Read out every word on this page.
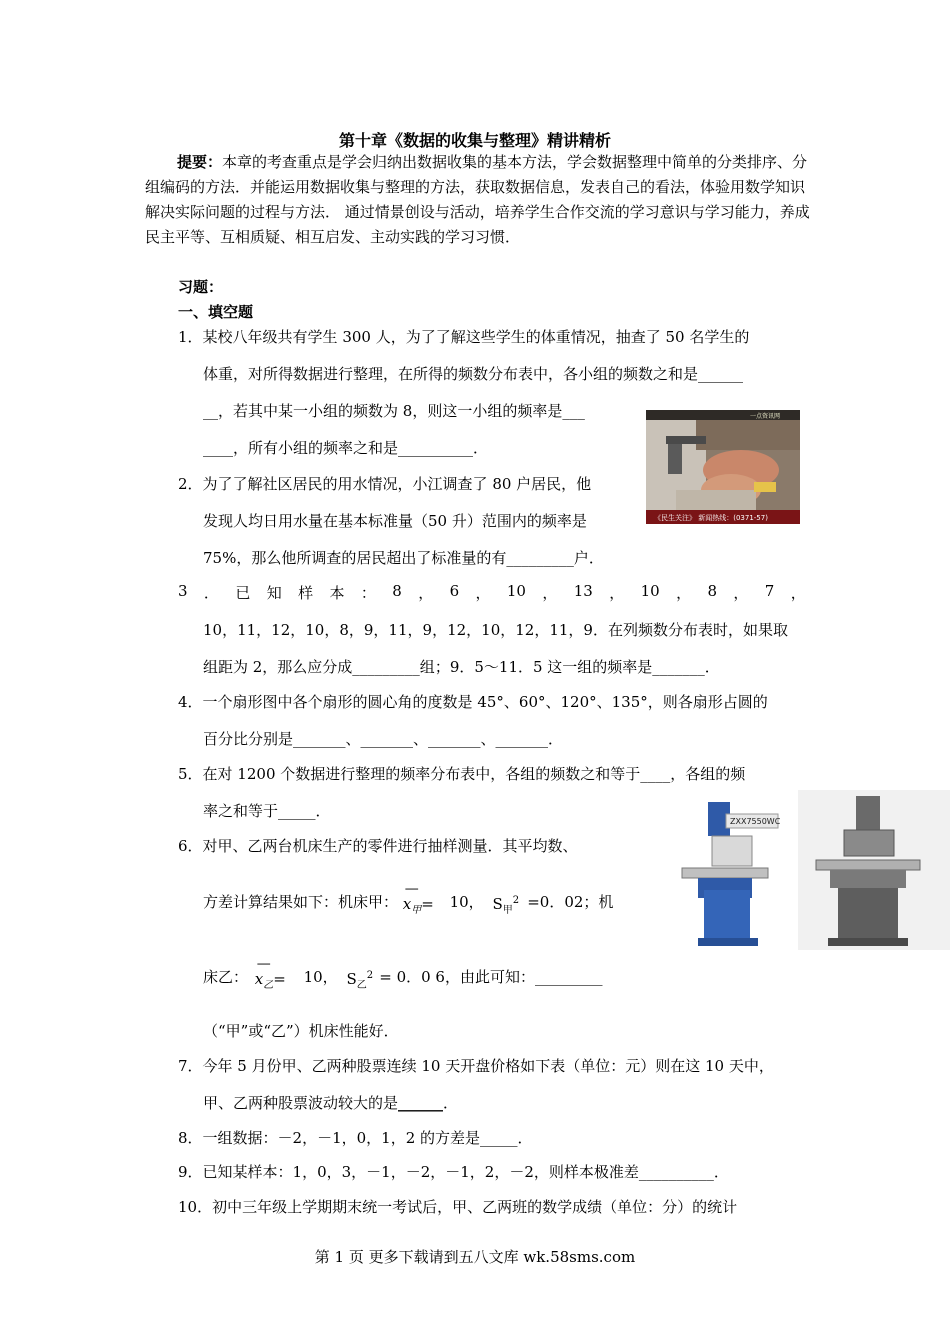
第十章《数据的收集与整理》精讲精析
提要：本章的考查重点是学会归纳出数据收集的基本方法，学会数据整理中简单的分类排序、分组编码的方法．并能运用数据收集与整理的方法，获取数据信息，发表自己的看法，体验用数学知识解决实际问题的过程与方法． 通过情景创设与活动，培养学生合作交流的学习意识与学习能力，养成民主平等、互相质疑、相互启发、主动实践的学习习惯．
习题：
一、填空题
1．某校八年级共有学生 300 人，为了了解这些学生的体重情况，抽查了 50 名学生的
体重，对所得数据进行整理，在所得的频数分布表中，各小组的频数之和是______
__，若其中某一小组的频数为 8，则这一小组的频率是___
____，所有小组的频率之和是__________．
《民生关注》 新闻热线：(0371-57)
一点资讯网
2．为了了解社区居民的用水情况，小江调查了 80 户居民，他
发现人均日用水量在基本标准量（50 升）范围内的频率是
75%，那么他所调查的居民超出了标准量的有_________户．
3 ． 已 知 样 本 ： 8 ， 6 ， 10 ， 13 ， 10 ， 8 ， 7 ，
10，11，12，10，8，9，11，9，12，10，12，11，9．在列频数分布表时，如果取
组距为 2，那么应分成_________组；9．5～11．5 这一组的频率是_______．
4．一个扇形图中各个扇形的圆心角的度数是 45°、60°、120°、135°，则各扇形占圆的
百分比分别是_______、_______、_______、_______．
5．在对 1200 个数据进行整理的频率分布表中，各组的频数之和等于____，各组的频
率之和等于_____．
6．对甲、乙两台机床生产的零件进行抽样测量．其平均数、
方差计算结果如下：机床甲：
—
$x_甲= 10$， $S_甲^2 =0$．02；机
床乙：
—
$x_乙= 10$， $S_乙^2 = 0$．0 6，由此可知：_________
（“甲”或“乙”）机床性能好．
ZXX7550WC
7．今年 5 月份甲、乙两种股票连续 10 天开盘价格如下表（单位：元）则在这 10 天中，
甲、乙两种股票波动较大的是______．
8．一组数据：－2，－1，0，1，2 的方差是_____．
9．已知某样本：1，0，3，－1，－2，－1，2，－2，则样本极准差__________．
10．初中三年级上学期期末统一考试后，甲、乙两班的数学成绩（单位：分）的统计
第 1 页 更多下载请到五八文库 wk.58sms.com
